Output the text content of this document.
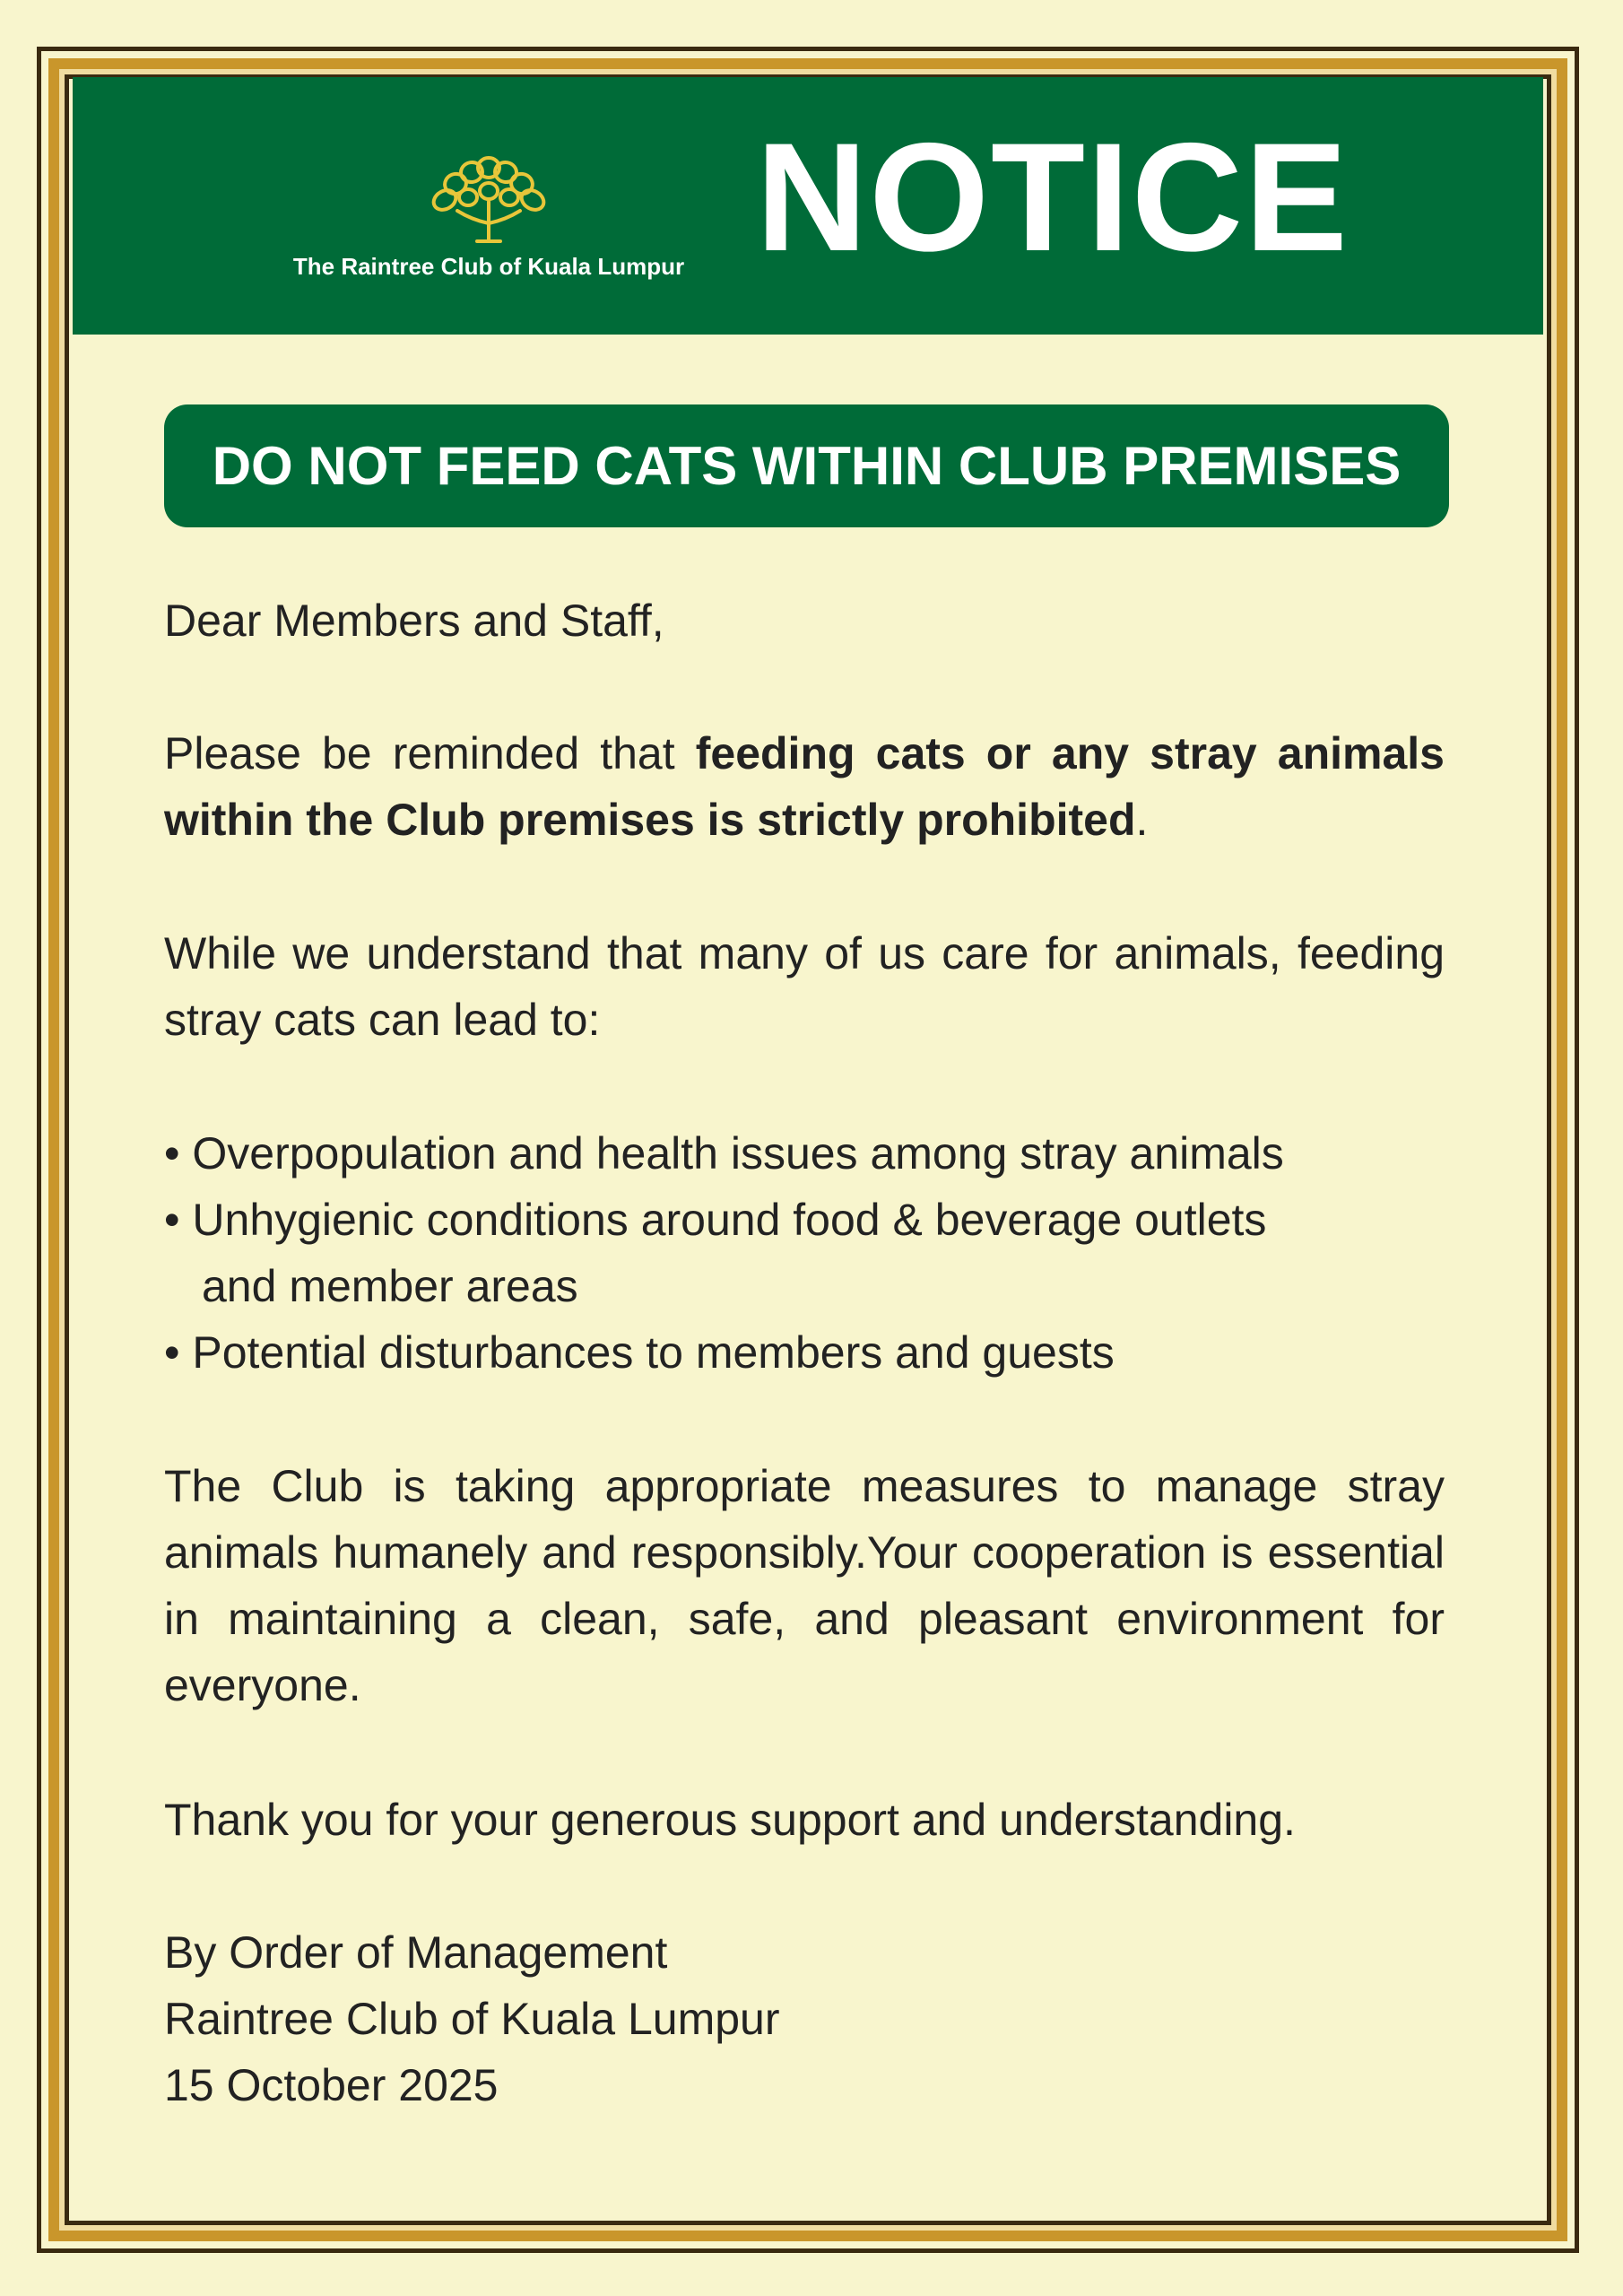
The Raintree Club of Kuala Lumpur NOTICE
DO NOT FEED CATS WITHIN CLUB PREMISES

Dear Members and Staff,

Please be reminded that feeding cats or any stray animals within the Club premises is strictly prohibited.

While we understand that many of us care for animals, feeding stray cats can lead to:

• Overpopulation and health issues among stray animals
• Unhygienic conditions around food & beverage outlets
and member areas
• Potential disturbances to members and guests

The Club is taking appropriate measures to manage stray animals humanely and responsibly.Your cooperation is essential in maintaining a clean, safe, and pleasant environment for everyone.

Thank you for your generous support and understanding.

By Order of Management
Raintree Club of Kuala Lumpur
15 October 2025
